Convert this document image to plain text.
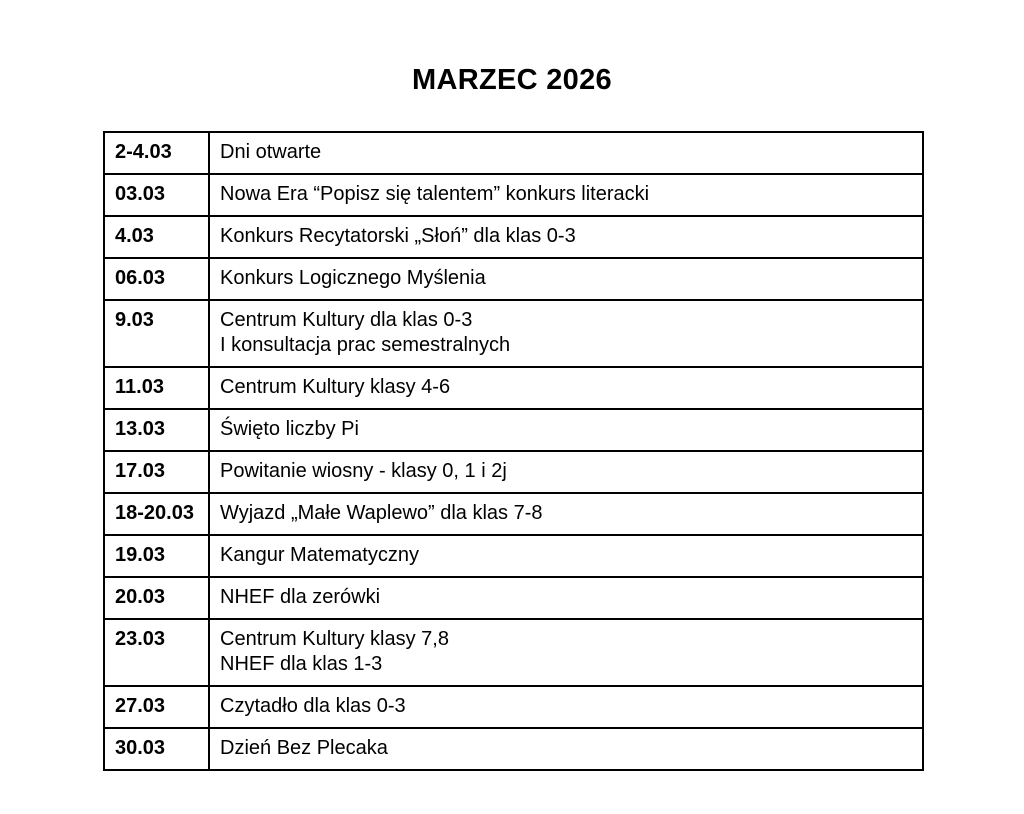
MARZEC 2026
2-4.03	Dni otwarte

03.03	Nowa Era “Popisz się talentem” konkurs literacki

4.03	Konkurs Recytatorski „Słoń” dla klas 0-3

06.03	Konkurs Logicznego Myślenia

9.03	Centrum Kultury dla klas 0-3
I konsultacja prac semestralnych

11.03	Centrum Kultury klasy 4-6

13.03	Święto liczby Pi

17.03	Powitanie wiosny - klasy 0, 1 i 2j

18-20.03	Wyjazd „Małe Waplewo” dla klas 7-8

19.03	Kangur Matematyczny

20.03	NHEF dla zerówki

23.03	Centrum Kultury klasy 7,8
NHEF dla klas 1-3

27.03	Czytadło dla klas 0-3

30.03	Dzień Bez Plecaka
